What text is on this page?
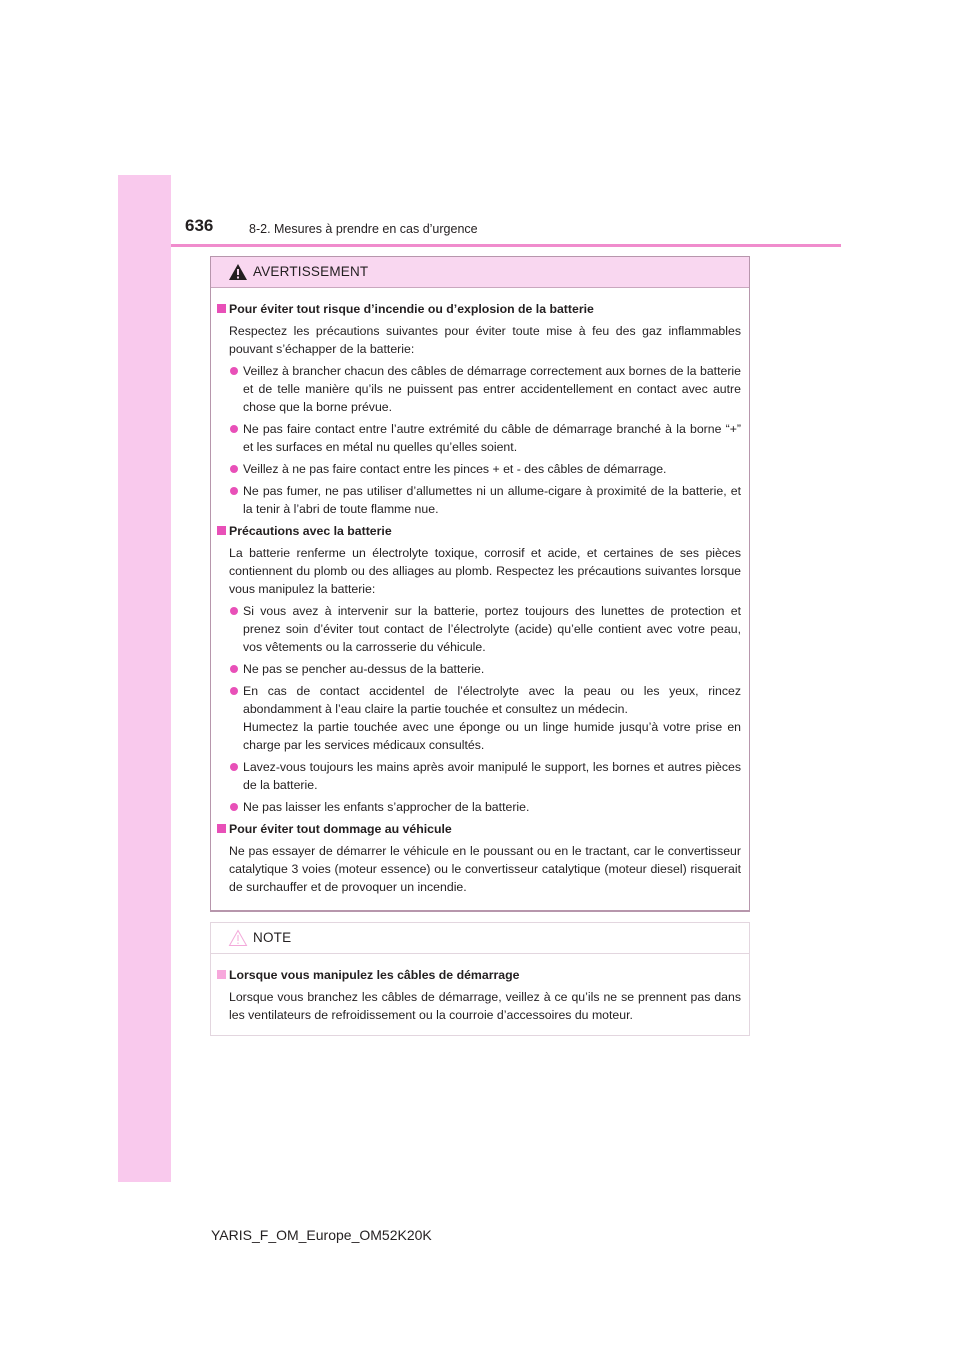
636	8-2. Mesures à prendre en cas d’urgence
AVERTISSEMENT
Pour éviter tout risque d’incendie ou d’explosion de la batterie
Respectez les précautions suivantes pour éviter toute mise à feu des gaz inflammables pouvant s’échapper de la batterie:
Veillez à brancher chacun des câbles de démarrage correctement aux bornes de la batterie et de telle manière qu’ils ne puissent pas entrer accidentellement en contact avec autre chose que la borne prévue.
Ne pas faire contact entre l’autre extrémité du câble de démarrage branché à la borne “+” et les surfaces en métal nu quelles qu’elles soient.
Veillez à ne pas faire contact entre les pinces + et - des câbles de démarrage.
Ne pas fumer, ne pas utiliser d’allumettes ni un allume-cigare à proximité de la batterie, et la tenir à l’abri de toute flamme nue.
Précautions avec la batterie
La batterie renferme un électrolyte toxique, corrosif et acide, et certaines de ses pièces contiennent du plomb ou des alliages au plomb. Respectez les précautions suivantes lorsque vous manipulez la batterie:
Si vous avez à intervenir sur la batterie, portez toujours des lunettes de protection et prenez soin d’éviter tout contact de l’électrolyte (acide) qu’elle contient avec votre peau, vos vêtements ou la carrosserie du véhicule.
Ne pas se pencher au-dessus de la batterie.
En cas de contact accidentel de l’électrolyte avec la peau ou les yeux, rincez abondamment à l’eau claire la partie touchée et consultez un médecin.
Humectez la partie touchée avec une éponge ou un linge humide jusqu’à votre prise en charge par les services médicaux consultés.
Lavez-vous toujours les mains après avoir manipulé le support, les bornes et autres pièces de la batterie.
Ne pas laisser les enfants s’approcher de la batterie.
Pour éviter tout dommage au véhicule
Ne pas essayer de démarrer le véhicule en le poussant ou en le tractant, car le convertisseur catalytique 3 voies (moteur essence) ou le convertisseur catalytique (moteur diesel) risquerait de surchauffer et de provoquer un incendie.
NOTE
Lorsque vous manipulez les câbles de démarrage
Lorsque vous branchez les câbles de démarrage, veillez à ce qu’ils ne se prennent pas dans les ventilateurs de refroidissement ou la courroie d’accessoires du moteur.
YARIS_F_OM_Europe_OM52K20K
